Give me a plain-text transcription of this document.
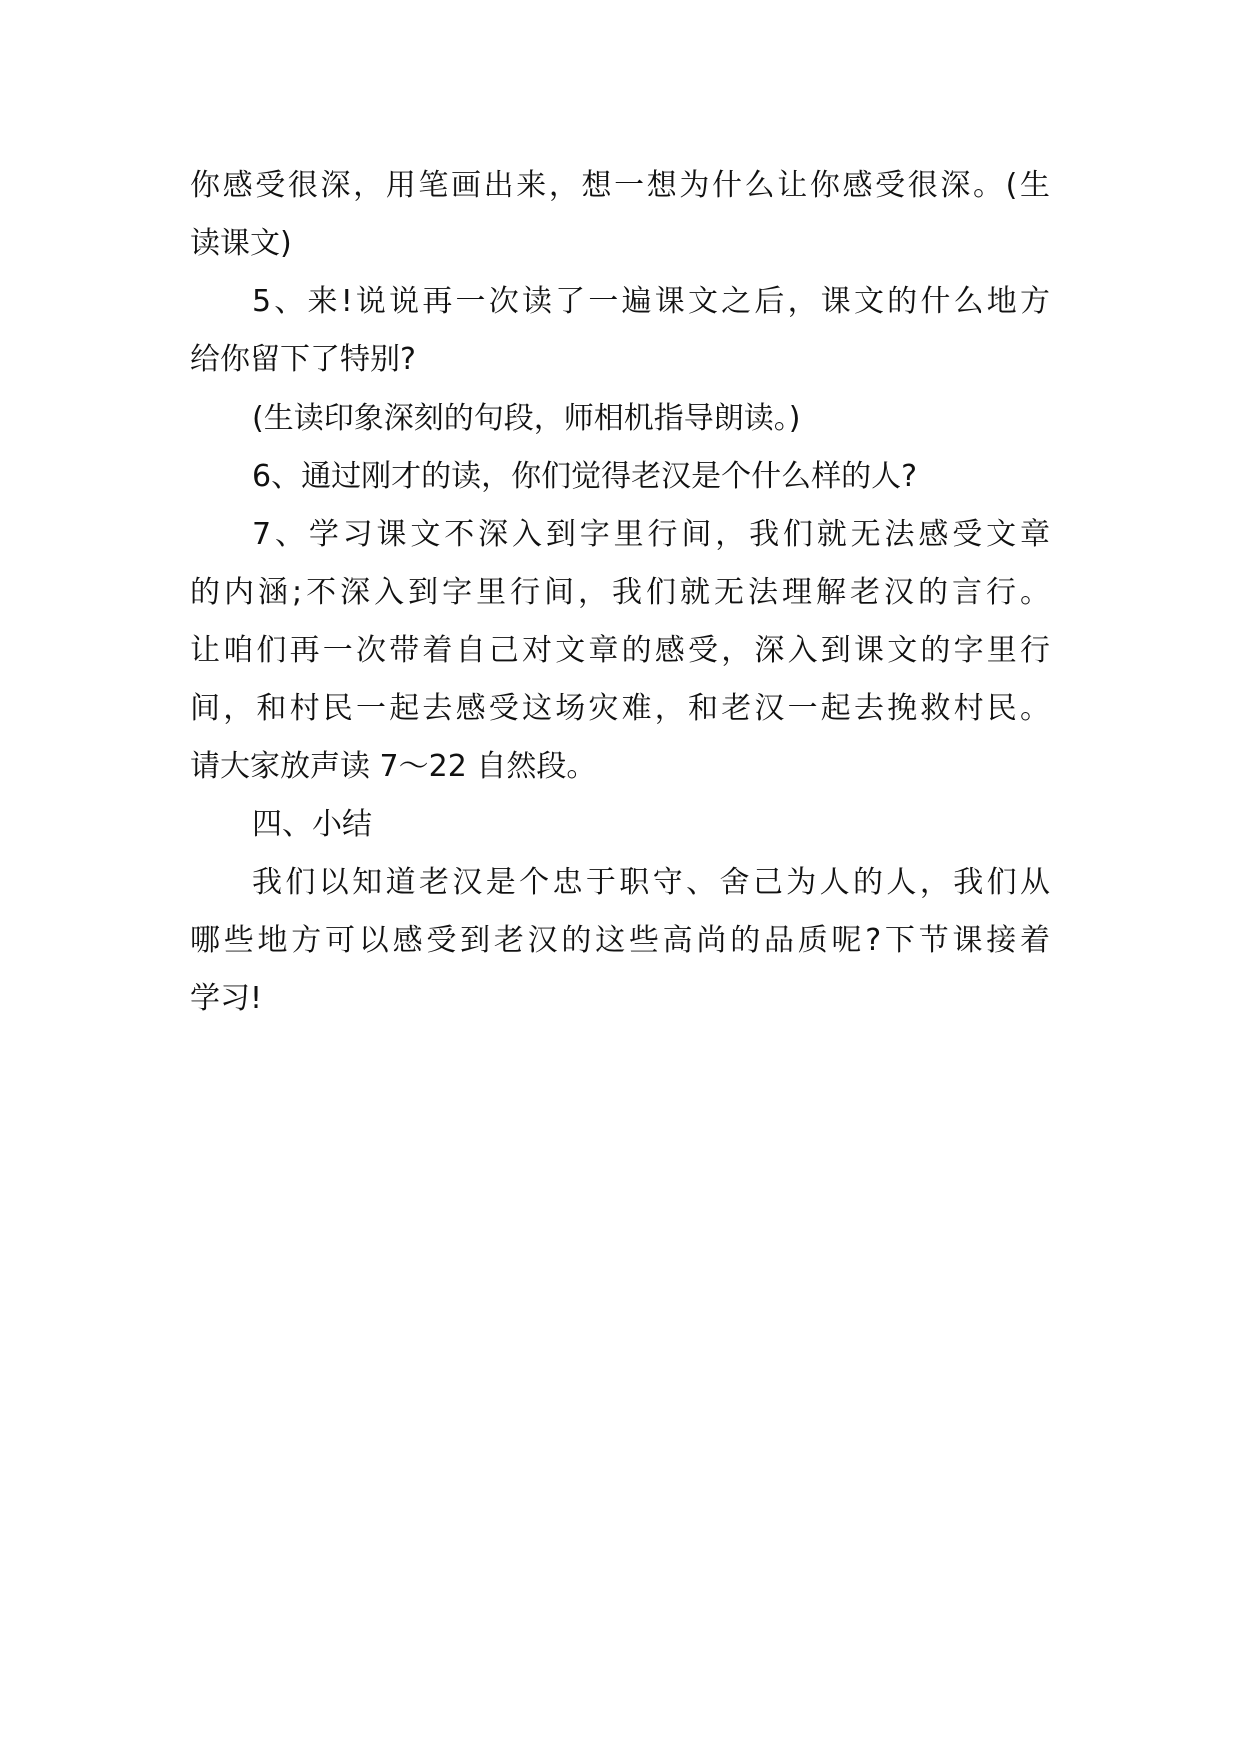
你感受很深，用笔画出来，想一想为什么让你感受很深。(生
读课文)
5、来!说说再一次读了一遍课文之后，课文的什么地方
给你留下了特别?
(生读印象深刻的句段，师相机指导朗读。)
6、通过刚才的读，你们觉得老汉是个什么样的人?
7、学习课文不深入到字里行间，我们就无法感受文章
的内涵;不深入到字里行间，我们就无法理解老汉的言行。
让咱们再一次带着自己对文章的感受，深入到课文的字里行
间，和村民一起去感受这场灾难，和老汉一起去挽救村民。
请大家放声读 7～22 自然段。
四、小结
我们以知道老汉是个忠于职守、舍己为人的人，我们从
哪些地方可以感受到老汉的这些高尚的品质呢?下节课接着
学习!
